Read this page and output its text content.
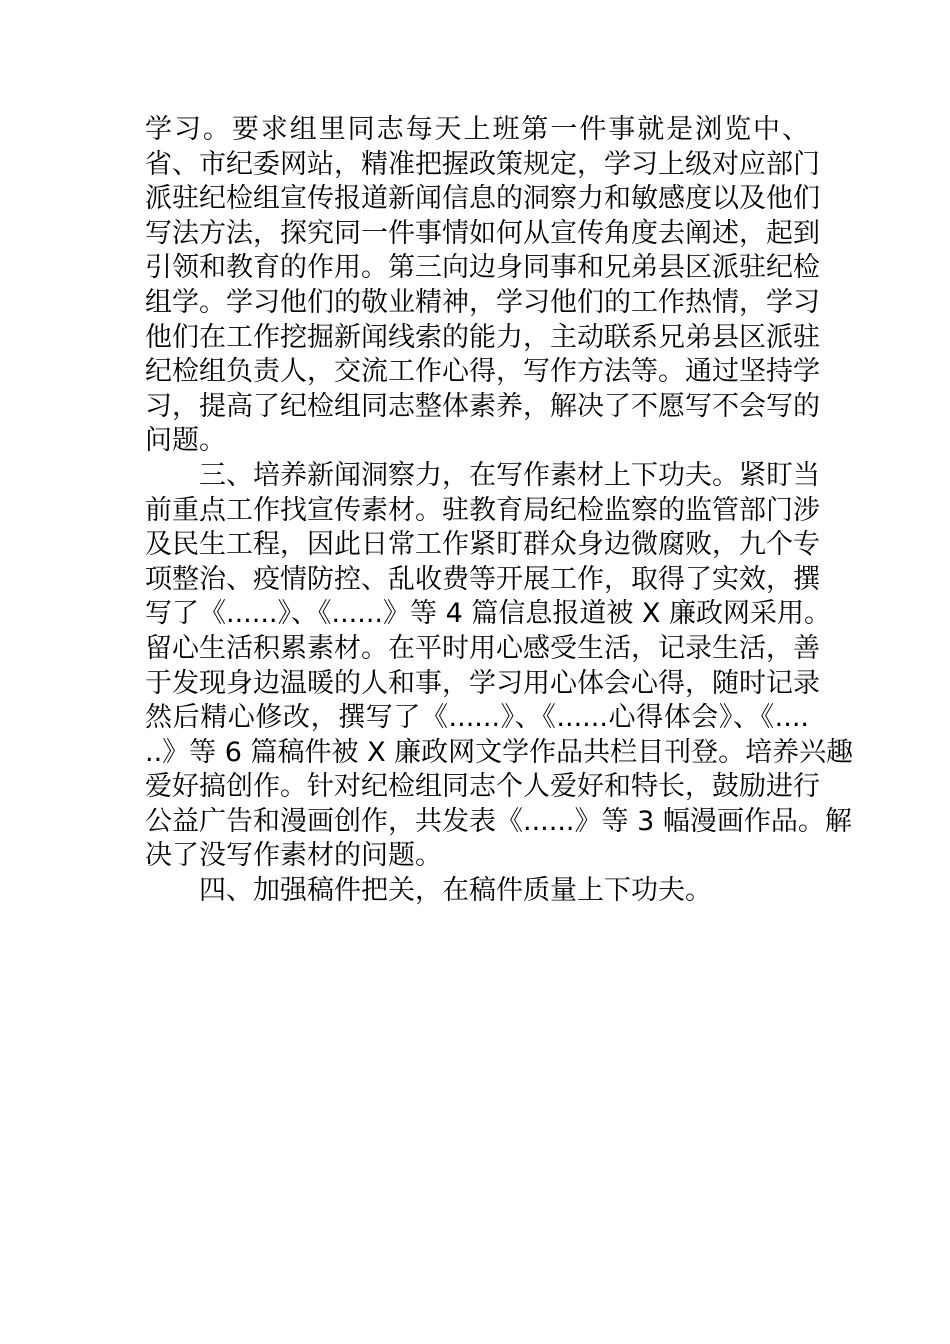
学习。要求组里同志每天上班第一件事就是浏览中、
省、市纪委网站，精准把握政策规定，学习上级对应部门
派驻纪检组宣传报道新闻信息的洞察力和敏感度以及他们
写法方法，探究同一件事情如何从宣传角度去阐述，起到
引领和教育的作用。第三向边身同事和兄弟县区派驻纪检
组学。学习他们的敬业精神，学习他们的工作热情，学习
他们在工作挖掘新闻线索的能力，主动联系兄弟县区派驻
纪检组负责人，交流工作心得，写作方法等。通过坚持学
习，提高了纪检组同志整体素养，解决了不愿写不会写的
问题。
三、培养新闻洞察力，在写作素材上下功夫。紧盯当
前重点工作找宣传素材。驻教育局纪检监察的监管部门涉
及民生工程，因此日常工作紧盯群众身边微腐败，九个专
项整治、疫情防控、乱收费等开展工作，取得了实效，撰
写了《......》、《......》等 4 篇信息报道被 X 廉政网采用。
留心生活积累素材。在平时用心感受生活，记录生活，善
于发现身边温暖的人和事，学习用心体会心得，随时记录
然后精心修改，撰写了《......》、《......心得体会》、《....
..》等 6 篇稿件被 X 廉政网文学作品共栏目刊登。培养兴趣
爱好搞创作。针对纪检组同志个人爱好和特长，鼓励进行
公益广告和漫画创作，共发表《......》等 3 幅漫画作品。解
决了没写作素材的问题。
四、加强稿件把关，在稿件质量上下功夫。
